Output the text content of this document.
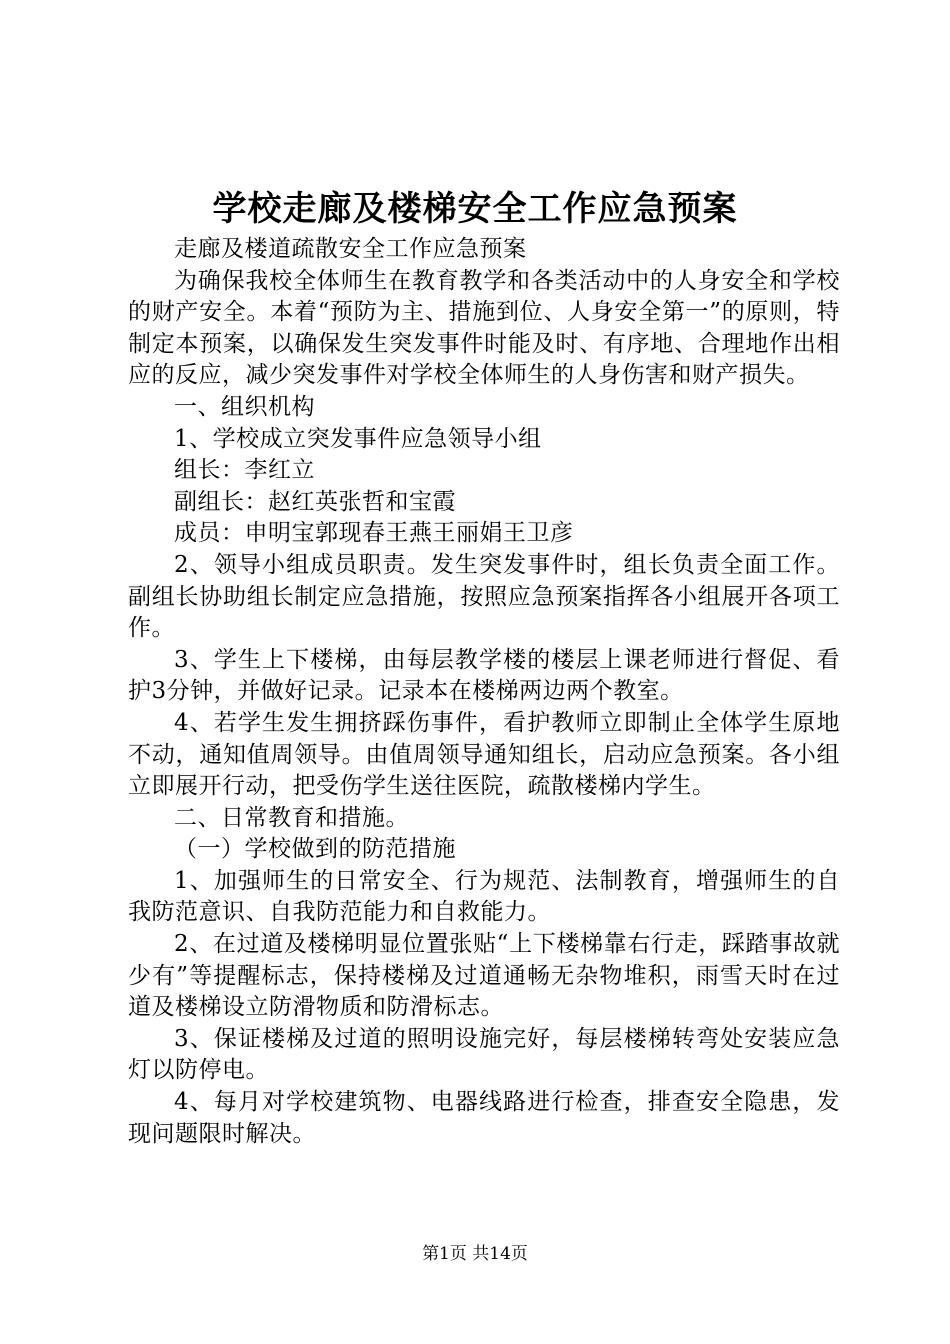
学校走廊及楼梯安全工作应急预案

走廊及楼道疏散安全工作应急预案

为确保我校全体师生在教育教学和各类活动中的人身安全和学校的财产安全。本着“预防为主、措施到位、人身安全第一”的原则，特制定本预案，以确保发生突发事件时能及时、有序地、合理地作出相应的反应，减少突发事件对学校全体师生的人身伤害和财产损失。

一、组织机构

1、学校成立突发事件应急领导小组

组长：李红立

副组长：赵红英张哲和宝霞

成员：申明宝郭现春王燕王丽娟王卫彦

2、领导小组成员职责。发生突发事件时，组长负责全面工作。副组长协助组长制定应急措施，按照应急预案指挥各小组展开各项工作。

3、学生上下楼梯，由每层教学楼的楼层上课老师进行督促、看护3分钟，并做好记录。记录本在楼梯两边两个教室。

4、若学生发生拥挤踩伤事件，看护教师立即制止全体学生原地不动，通知值周领导。由值周领导通知组长，启动应急预案。各小组立即展开行动，把受伤学生送往医院，疏散楼梯内学生。

二、日常教育和措施。

（一）学校做到的防范措施

1、加强师生的日常安全、行为规范、法制教育，增强师生的自我防范意识、自我防范能力和自救能力。

2、在过道及楼梯明显位置张贴“上下楼梯靠右行走，踩踏事故就少有”等提醒标志，保持楼梯及过道通畅无杂物堆积，雨雪天时在过道及楼梯设立防滑物质和防滑标志。

3、保证楼梯及过道的照明设施完好，每层楼梯转弯处安装应急灯以防停电。

4、每月对学校建筑物、电器线路进行检查，排查安全隐患，发现问题限时解决。

第1页 共14页
